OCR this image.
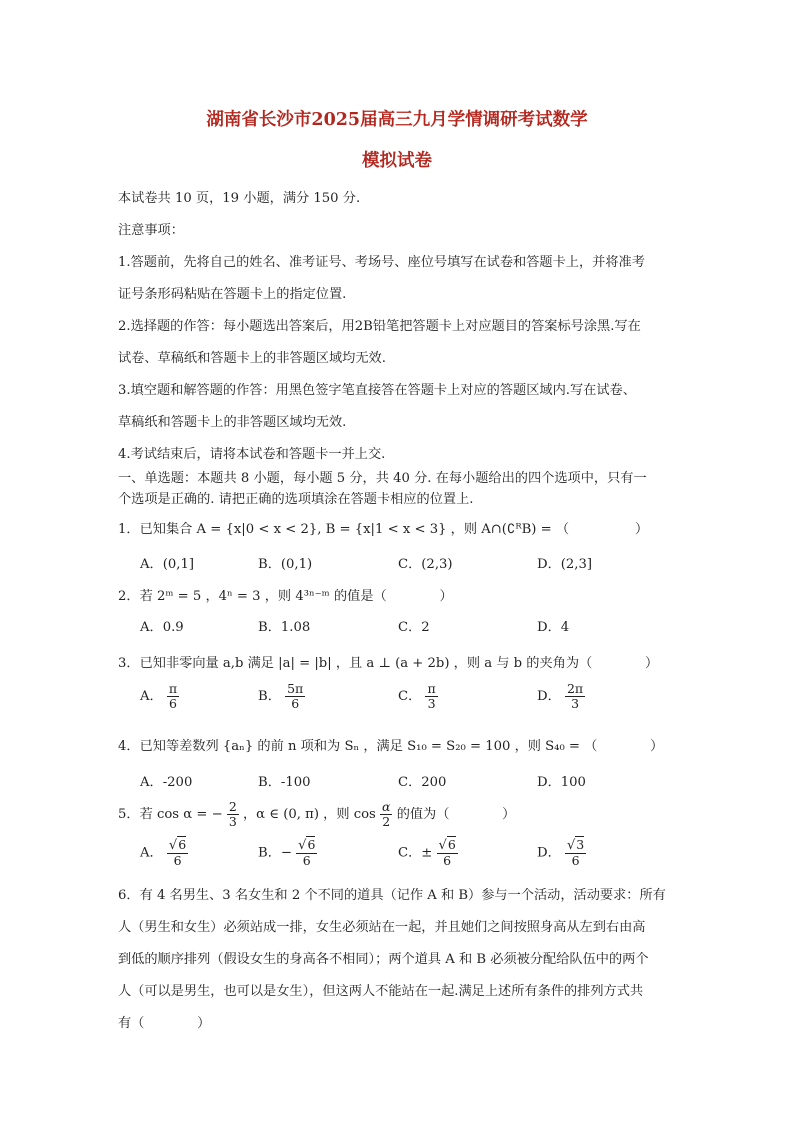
湖南省长沙市2025届高三九月学情调研考试数学
模拟试卷
本试卷共 10 页，19 小题，满分 150 分.
注意事项：
1.答题前，先将自己的姓名、准考证号、考场号、座位号填写在试卷和答题卡上，并将准考
证号条形码粘贴在答题卡上的指定位置.
2.选择题的作答：每小题选出答案后，用2B铅笔把答题卡上对应题目的答案标号涂黑.写在
试卷、草稿纸和答题卡上的非答题区域均无效.
3.填空题和解答题的作答：用黑色签字笔直接答在答题卡上对应的答题区域内.写在试卷、
草稿纸和答题卡上的非答题区域均无效.
4.考试结束后，请将本试卷和答题卡一并上交.
一、单选题：本题共 8 小题，每小题 5 分，共 40 分. 在每小题给出的四个选项中，只有一
个选项是正确的. 请把正确的选项填涂在答题卡相应的位置上.
1．已知集合 A = {x|0 < x < 2}, B = {x|1 < x < 3} ，则 A∩(∁ᴿB) = （　　　　　）
A．(0,1]	B．(0,1)	C．(2,3)	D．(2,3]
2．若 2ᵐ = 5 ，4ⁿ = 3 ，则 4³ⁿ⁻ᵐ 的值是（　　　　）
A．0.9	B．1.08	C．2	D．4
3．已知非零向量 a,b 满足 |a| = |b| ，且 a ⊥ (a + 2b) ，则 a 与 b 的夹角为（　　　　）
A． $\frac{\pi}{6}$	B． $\frac{5\pi}{6}$	C． $\frac{\pi}{3}$	D． $\frac{2\pi}{3}$
4．已知等差数列 {aₙ} 的前 n 项和为 Sₙ ，满足 S₁₀ = S₂₀ = 100 ，则 S₄₀ = （　　　　）
A．-200	B．-100	C．200	D．100
5．若 cos α = − $\frac{2}{3}$ ，α ∈ (0, π) ，则 $\cos \frac{\alpha}{2}$ 的值为（　　　　）
A． $\frac{√6}{6}$	B．− $\frac{√6}{6}$	C．± $\frac{√6}{6}$	D． $\frac{√3}{6}$
6．有 4 名男生、3 名女生和 2 个不同的道具（记作 A 和 B）参与一个活动，活动要求：所有
人（男生和女生）必须站成一排，女生必须站在一起，并且她们之间按照身高从左到右由高
到低的顺序排列（假设女生的身高各不相同）；两个道具 A 和 B 必须被分配给队伍中的两个
人（可以是男生，也可以是女生），但这两人不能站在一起.满足上述所有条件的排列方式共
有（　　　　）
